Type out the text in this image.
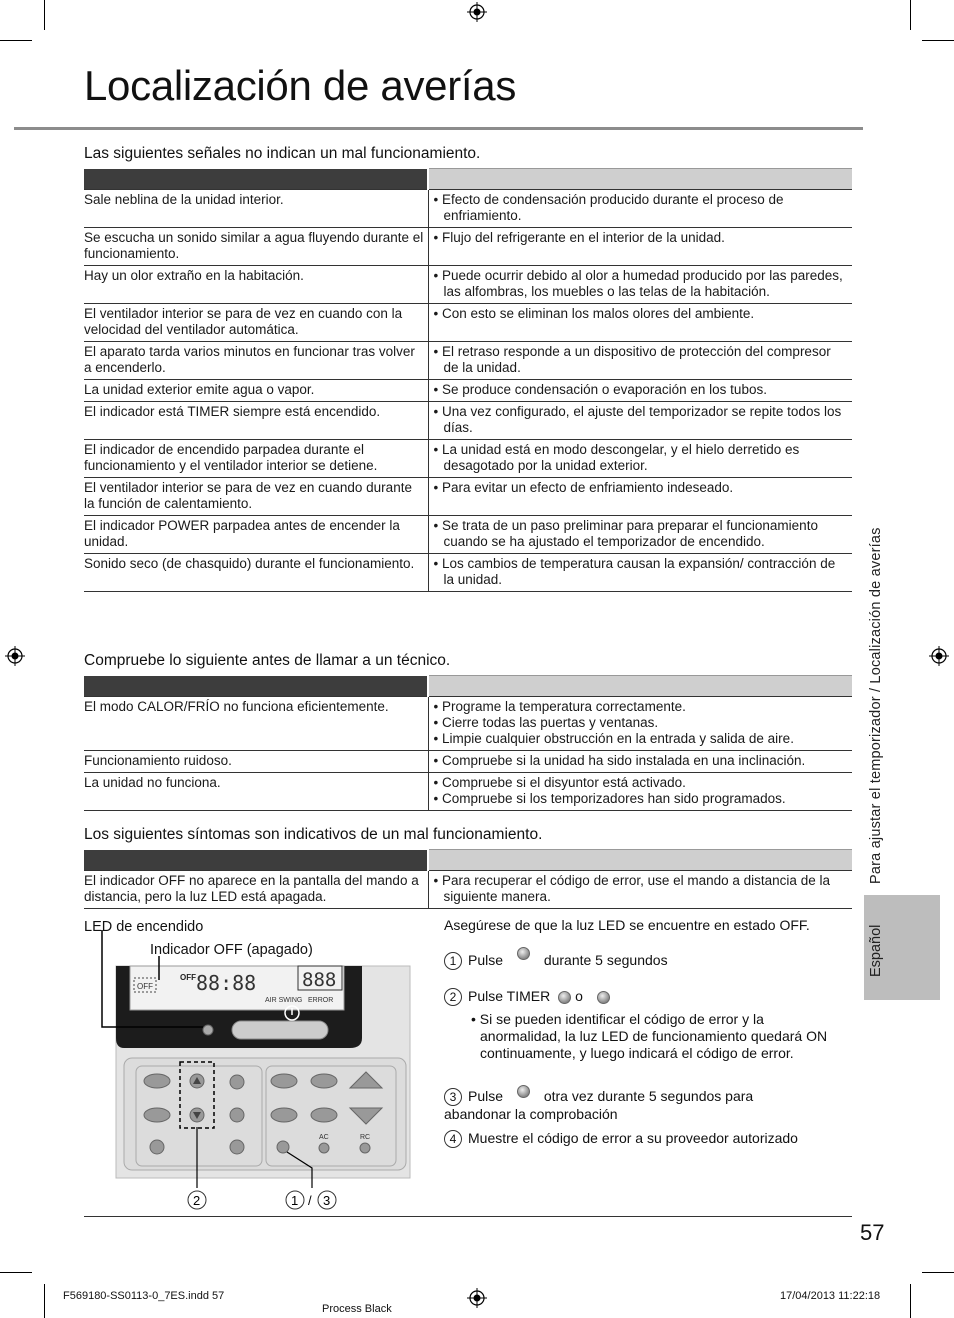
Localización de averías
Las siguientes señales no indican un mal funcionamiento.

Sale neblina de la unidad interior.	• Efecto de condensación producido durante el proceso de enfriamiento.

Se escucha un sonido similar a agua fluyendo durante el funcionamiento.	• Flujo del refrigerante en el interior de la unidad.

Hay un olor extraño en la habitación.	• Puede ocurrir debido al olor a humedad producido por las paredes, las alfombras, los muebles o las telas de la habitación.

El ventilador interior se para de vez en cuando con la velocidad del ventilador automática.	• Con esto se eliminan los malos olores del ambiente.

El aparato tarda varios minutos en funcionar tras volver a encenderlo.	• El retraso responde a un dispositivo de protección del compresor de la unidad.

La unidad exterior emite agua o vapor.	• Se produce condensación o evaporación en los tubos.

El indicador está TIMER siempre está encendido.	• Una vez configurado, el ajuste del temporizador se repite todos los días.

El indicador de encendido parpadea durante el funcionamiento y el ventilador interior se detiene.	• La unidad está en modo descongelar, y el hielo derretido es desagotado por la unidad exterior.

El ventilador interior se para de vez en cuando durante la función de calentamiento.	• Para evitar un efecto de enfriamiento indeseado.

El indicador POWER parpadea antes de encender la unidad.	• Se trata de un paso preliminar para preparar el funcionamiento cuando se ha ajustado el temporizador de encendido.

Sonido seco (de chasquido) durante el funcionamiento.	• Los cambios de temperatura causan la expansión/ contracción de la unidad.
Compruebe lo siguiente antes de llamar a un técnico.

El modo CALOR/FRÍO no funciona eficientemente.	• Programe la temperatura correctamente.
• Cierre todas las puertas y ventanas.
• Limpie cualquier obstrucción en la entrada y salida de aire.

Funcionamiento ruidoso.	• Compruebe si la unidad ha sido instalada en una inclinación.

La unidad no funciona.	• Compruebe si el disyuntor está activado.
• Compruebe si los temporizadores han sido programados.
Los siguientes síntomas son indicativos de un mal funcionamiento.

El indicador OFF no aparece en la pantalla del mando a distancia, pero la luz LED está apagada.	• Para recuperar el código de error, use el mando a distancia de la siguiente manera.
LED de encendido
Indicador OFF (apagado)
OFF
OFF 88:88 888
AIR SWING ERROR
AC	RC
2	1 / 3
Asegúrese de que la luz LED se encuentre en estado OFF.
1 Pulse	durante 5 segundos
2 Pulse TIMER o
• Si se pueden identificar el código de error y la anormalidad, la luz LED de funcionamiento quedará ON continuamente, y luego indicará el código de error.
3 Pulse	otra vez durante 5 segundos para abandonar la comprobación
4 Muestre el código de error a su proveedor autorizado
Para ajustar el temporizador / Localización de averías
Español
57
F569180-SS0113-0_7ES.indd 57
Process Black
17/04/2013 11:22:18
